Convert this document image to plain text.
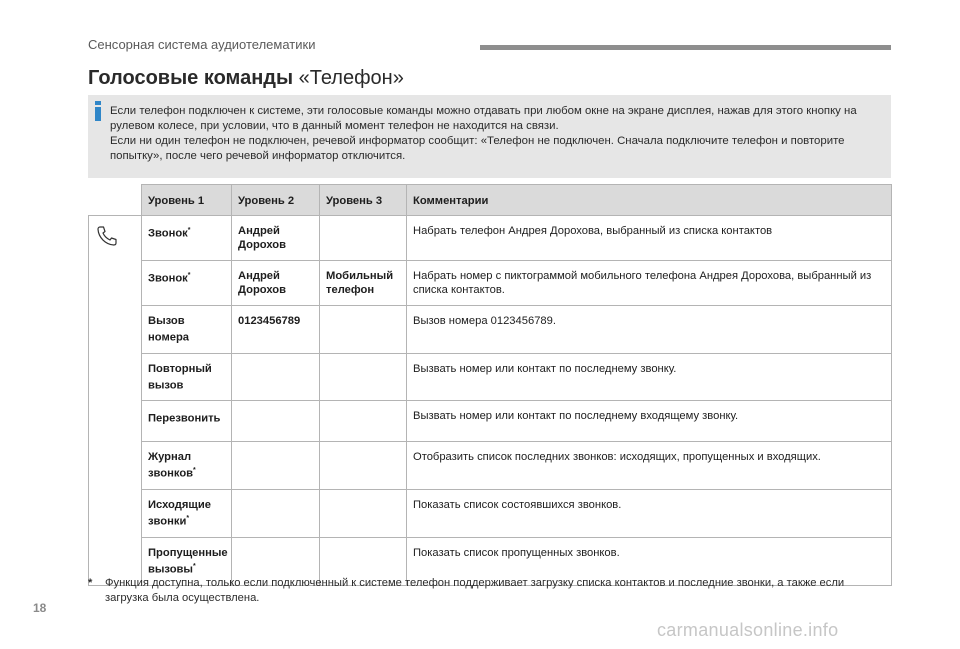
Сенсорная система аудиотелематики
Голосовые команды «Телефон»

Если телефон подключен к системе, эти голосовые команды можно отдавать при любом окне на экране дисплея, нажав для этого кнопку на рулевом колесе, при условии, что в данный момент телефон не находится на связи.

Если ни один телефон не подключен, речевой информатор сообщит: «Телефон не подключен. Сначала подключите телефон и повторите попытку», после чего речевой информатор отключится.

	Уровень 1	Уровень 2	Уровень 3	Комментарии
	Звонок*	Андрей Дорохов		Набрать телефон Андрея Дорохова, выбранный из списка контактов
	Звонок*	Андрей Дорохов	Мобильный телефон	Набрать номер с пиктограммой мобильного телефона Андрея Дорохова, выбранный из списка контактов.
	Вызов номера	0123456789		Вызов номера 0123456789.
	Повторный вызов			Вызвать номер или контакт по последнему звонку.
	Перезвонить			Вызвать номер или контакт по последнему входящему звонку.
	Журнал звонков*			Отобразить список последних звонков: исходящих, пропущенных и входящих.
	Исходящие звонки*			Показать список состоявшихся звонков.
	Пропущенные вызовы*			Показать список пропущенных звонков.
* Функция доступна, только если подключенный к системе телефон поддерживает загрузку списка контактов и последние звонки, а также если загрузка была осуществлена.
18
carmanualsonline.info
